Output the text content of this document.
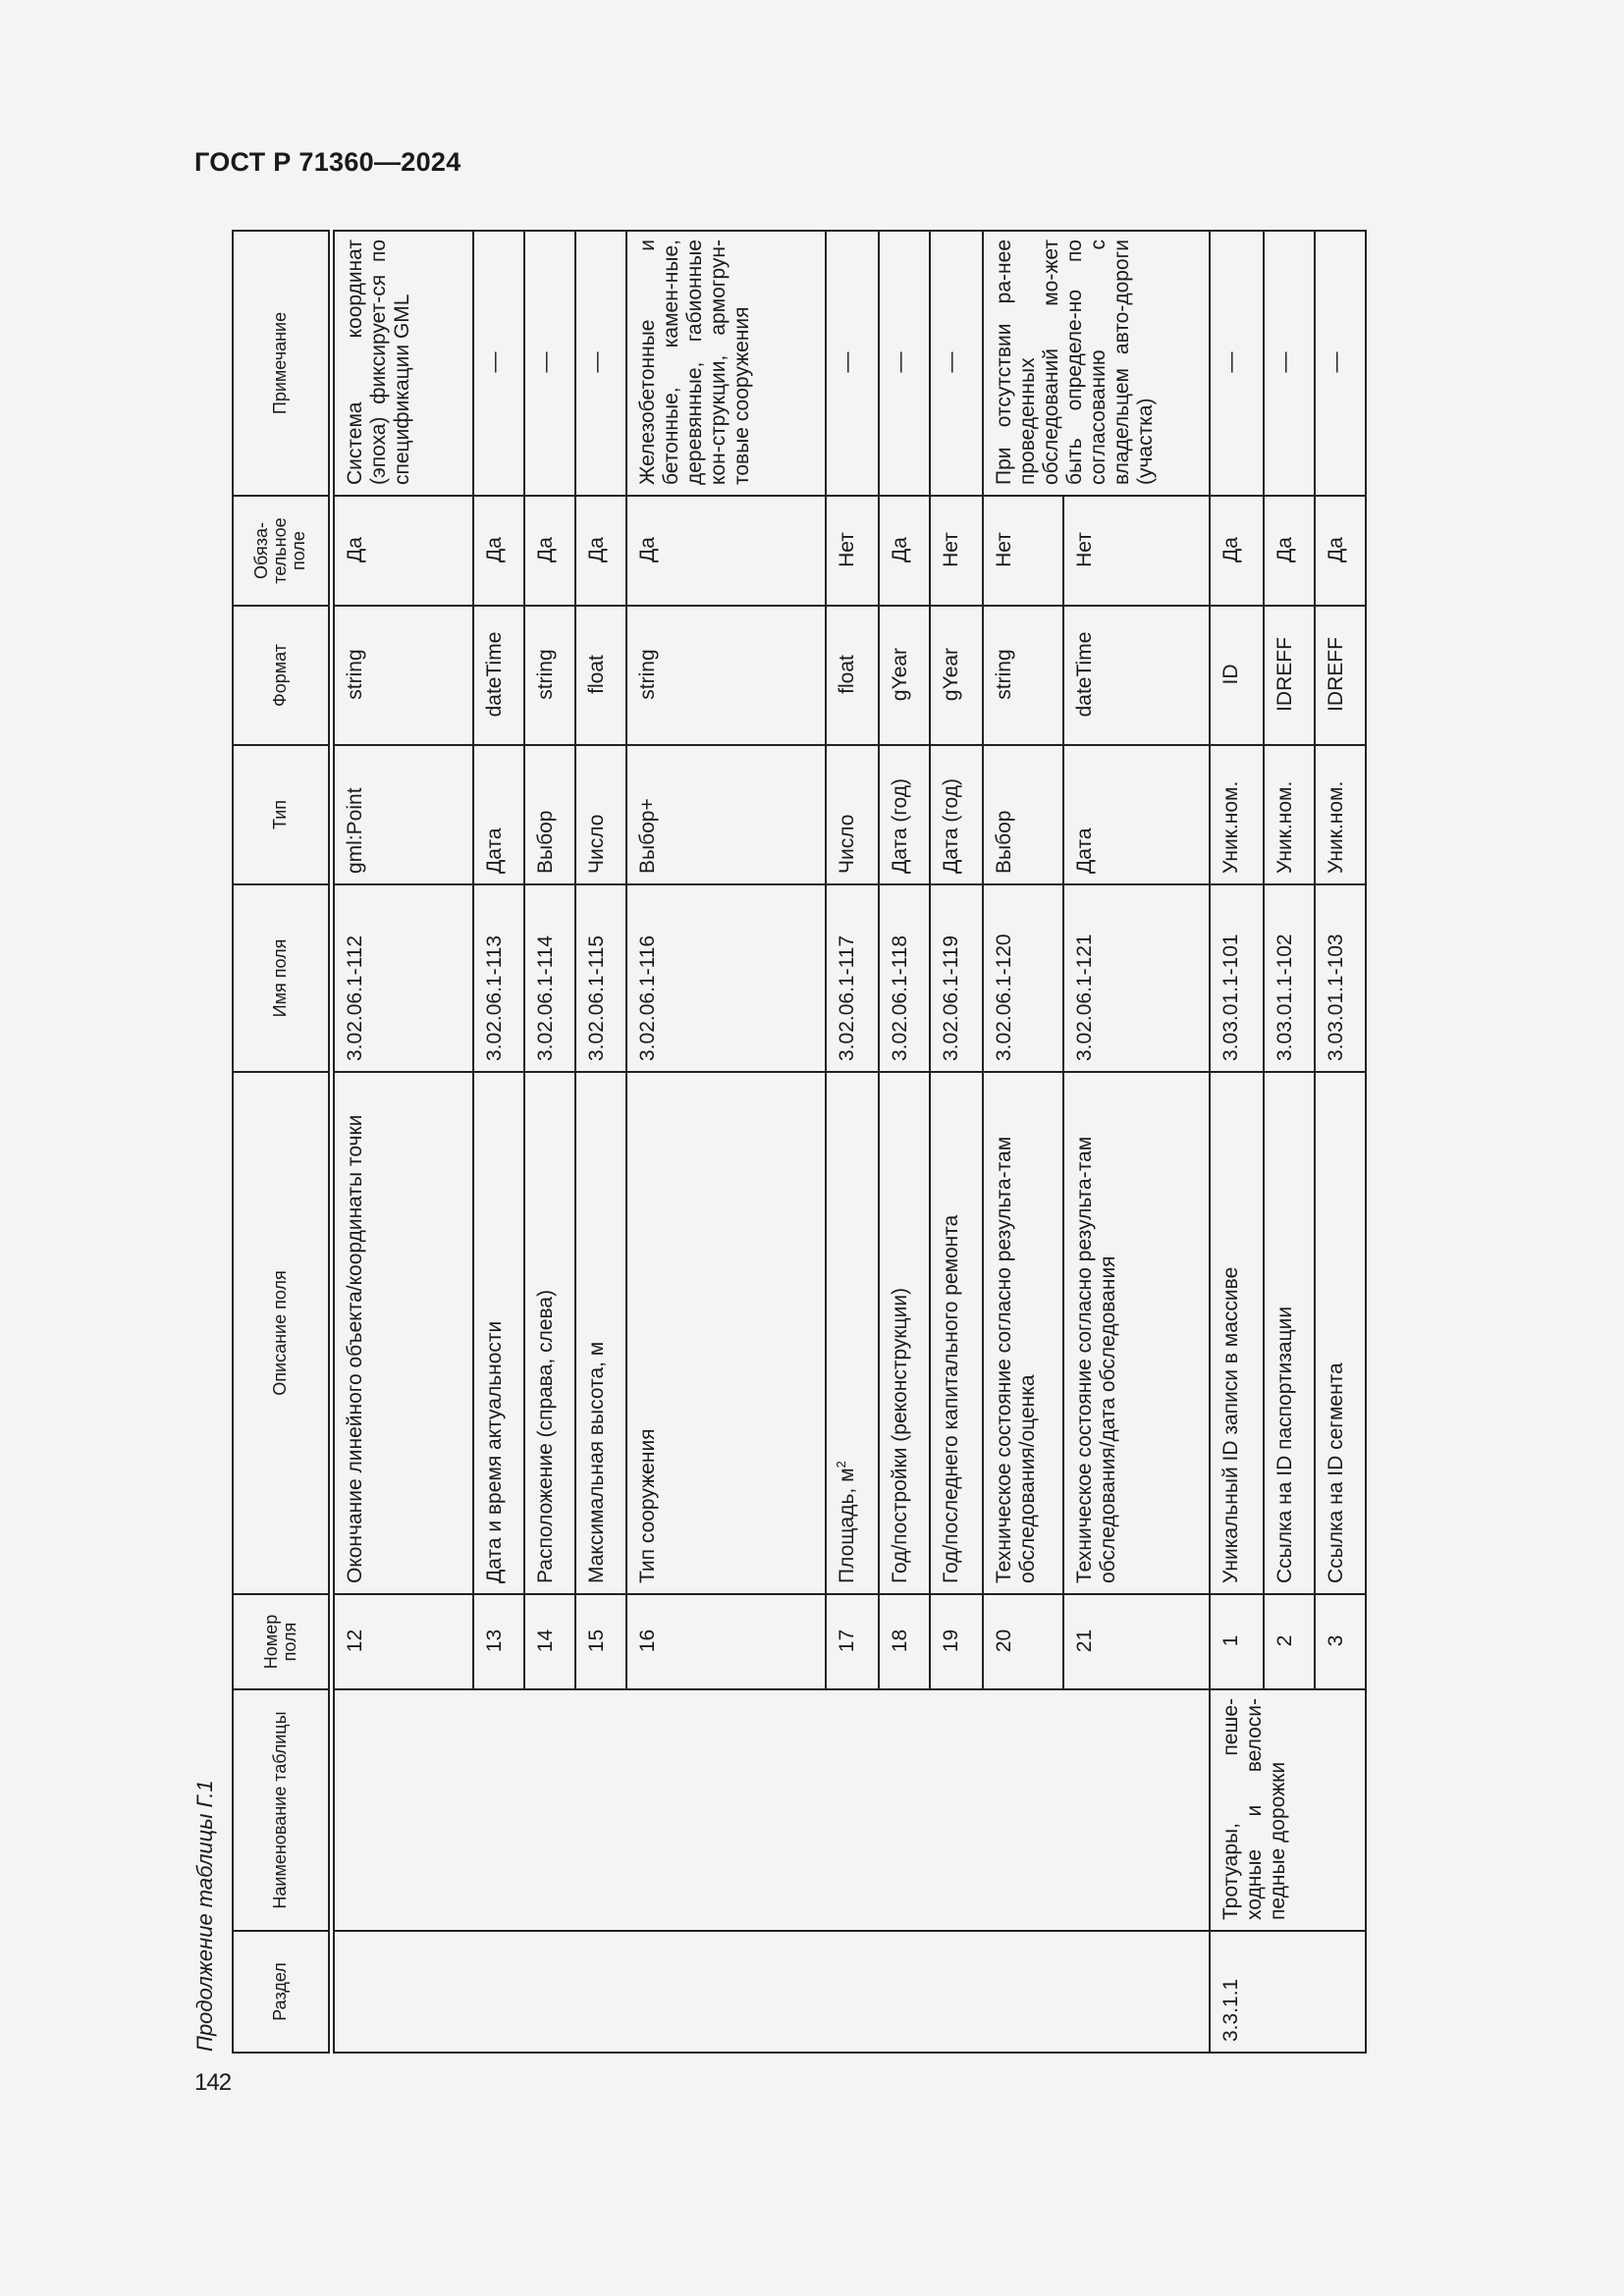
ГОСТ Р 71360—2024
Продолжение таблицы Г.1
142
Раздел	Наименование таблицы	Номер поля	Описание поля	Имя поля	Тип	Формат	Обяза-тельное поле	Примечание
		12	Окончание линейного объекта/координаты точки	3.02.06.1-112	gml:Point	string	Да	Система координат (эпоха) фиксирует-ся по спецификации GML
		13	Дата и время актуальности	3.02.06.1-113	Дата	dateTime	Да	—
		14	Расположение (справа, слева)	3.02.06.1-114	Выбор	string	Да	—
		15	Максимальная высота, м	3.02.06.1-115	Число	float	Да	—
		16	Тип сооружения	3.02.06.1-116	Выбор+	string	Да	Железобетонные и бетонные, камен-ные, деревянные, габионные кон-струкции, армогрун-товые сооружения
		17	Площадь, $м^2$	3.02.06.1-117	Число	float	Нет	—
		18	Год/постройки (реконструкции)	3.02.06.1-118	Дата (год)	gYear	Да	—
		19	Год/последнего капитального ремонта	3.02.06.1-119	Дата (год)	gYear	Нет	—
		20	Техническое состояние согласно результа-там обследования/оценка	3.02.06.1-120	Выбор	string	Нет	При отсутствии ра-нее проведенных обследований мо-жет быть определе-но по согласованию с владельцем авто-дороги (участка)
		21	Техническое состояние согласно результа-там обследования/дата обследования	3.02.06.1-121	Дата	dateTime	Нет	
3.3.1.1	Тротуары, пеше-ходные и велоси-педные дорожки	1	Уникальный ID записи в массиве	3.03.01.1-101	Уник.ном.	ID	Да	—
		2	Ссылка на ID паспортизации	3.03.01.1-102	Уник.ном.	IDREFF	Да	—
		3	Ссылка на ID сегмента	3.03.01.1-103	Уник.ном.	IDREFF	Да	—
